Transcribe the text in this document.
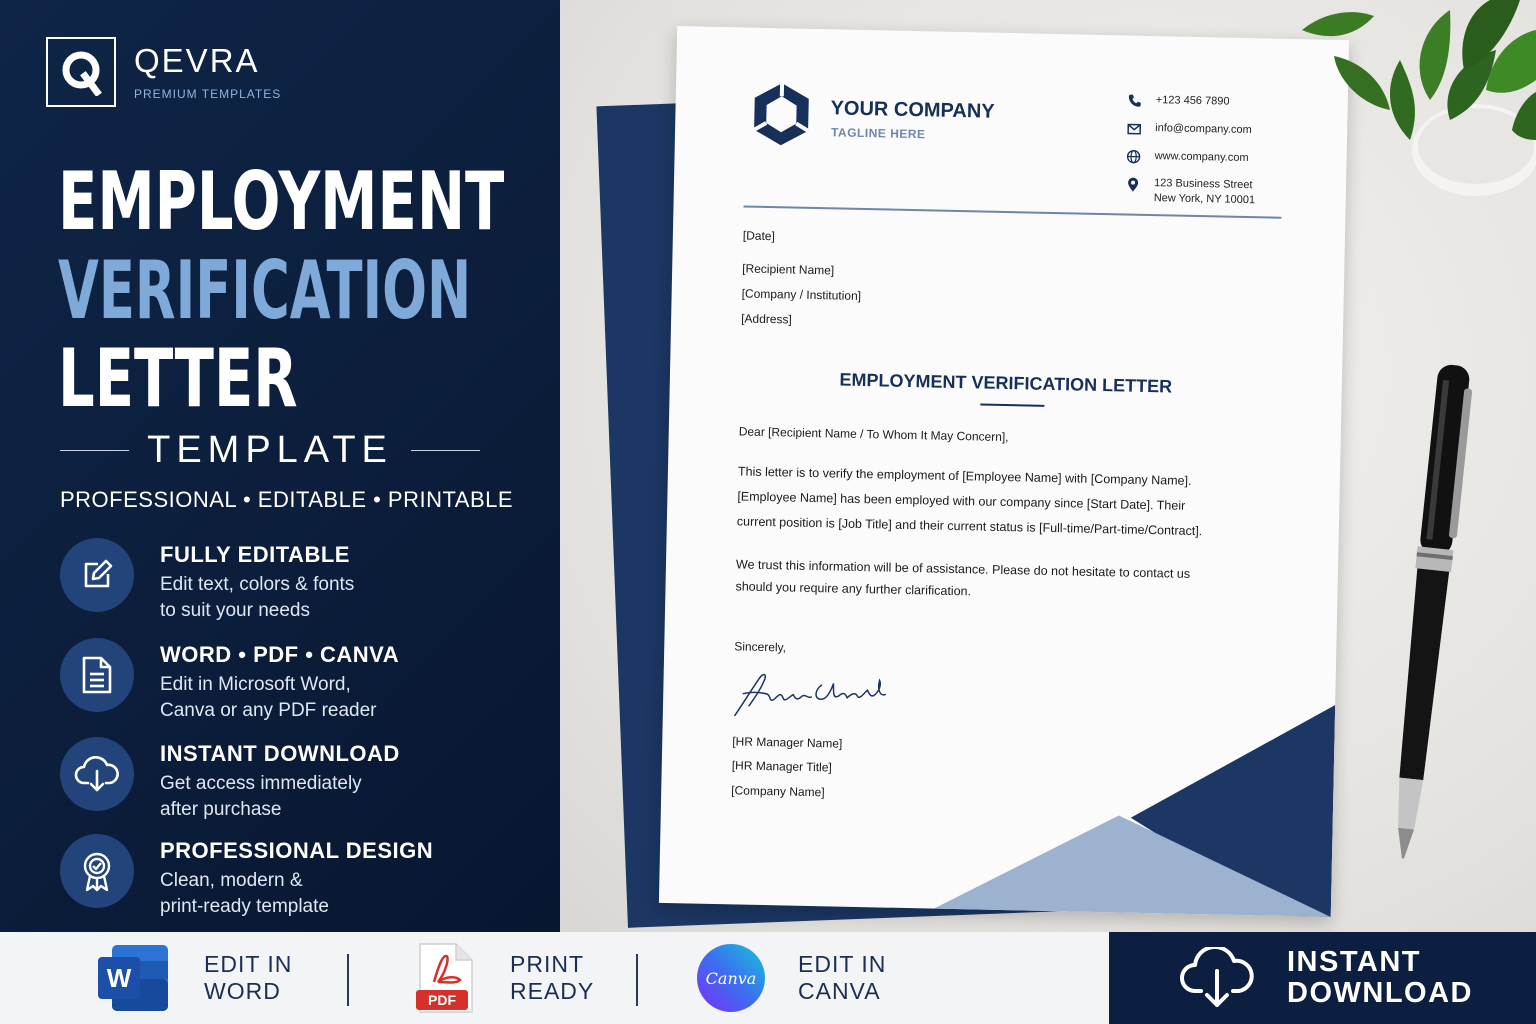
QEVRA
PREMIUM TEMPLATES
EMPLOYMENT
VERIFICATION
LETTER
TEMPLATE
PROFESSIONAL • EDITABLE • PRINTABLE
FULLY EDITABLE
Edit text, colors & fonts
to suit your needs
WORD • PDF • CANVA
Edit in Microsoft Word,
Canva or any PDF reader
INSTANT DOWNLOAD
Get access immediately
after purchase
PROFESSIONAL DESIGN
Clean, modern &
print-ready template
YOUR COMPANY
TAGLINE HERE
+123 456 7890
info@company.com
www.company.com
123 Business Street
New York, NY 10001
[Date]
[Recipient Name]
[Company / Institution]
[Address]
EMPLOYMENT VERIFICATION LETTER
Dear [Recipient Name / To Whom It May Concern],
This letter is to verify the employment of [Employee Name] with [Company Name].
[Employee Name] has been employed with our company since [Start Date]. Their
current position is [Job Title] and their current status is [Full-time/Part-time/Contract].
We trust this information will be of assistance. Please do not hesitate to contact us
should you require any further clarification.
Sincerely,
[HR Manager Name]
[HR Manager Title]
[Company Name]
W	EDIT IN
WORD	PDF
PRINT
READY	Canva
EDIT IN
CANVA
INSTANT
DOWNLOAD
